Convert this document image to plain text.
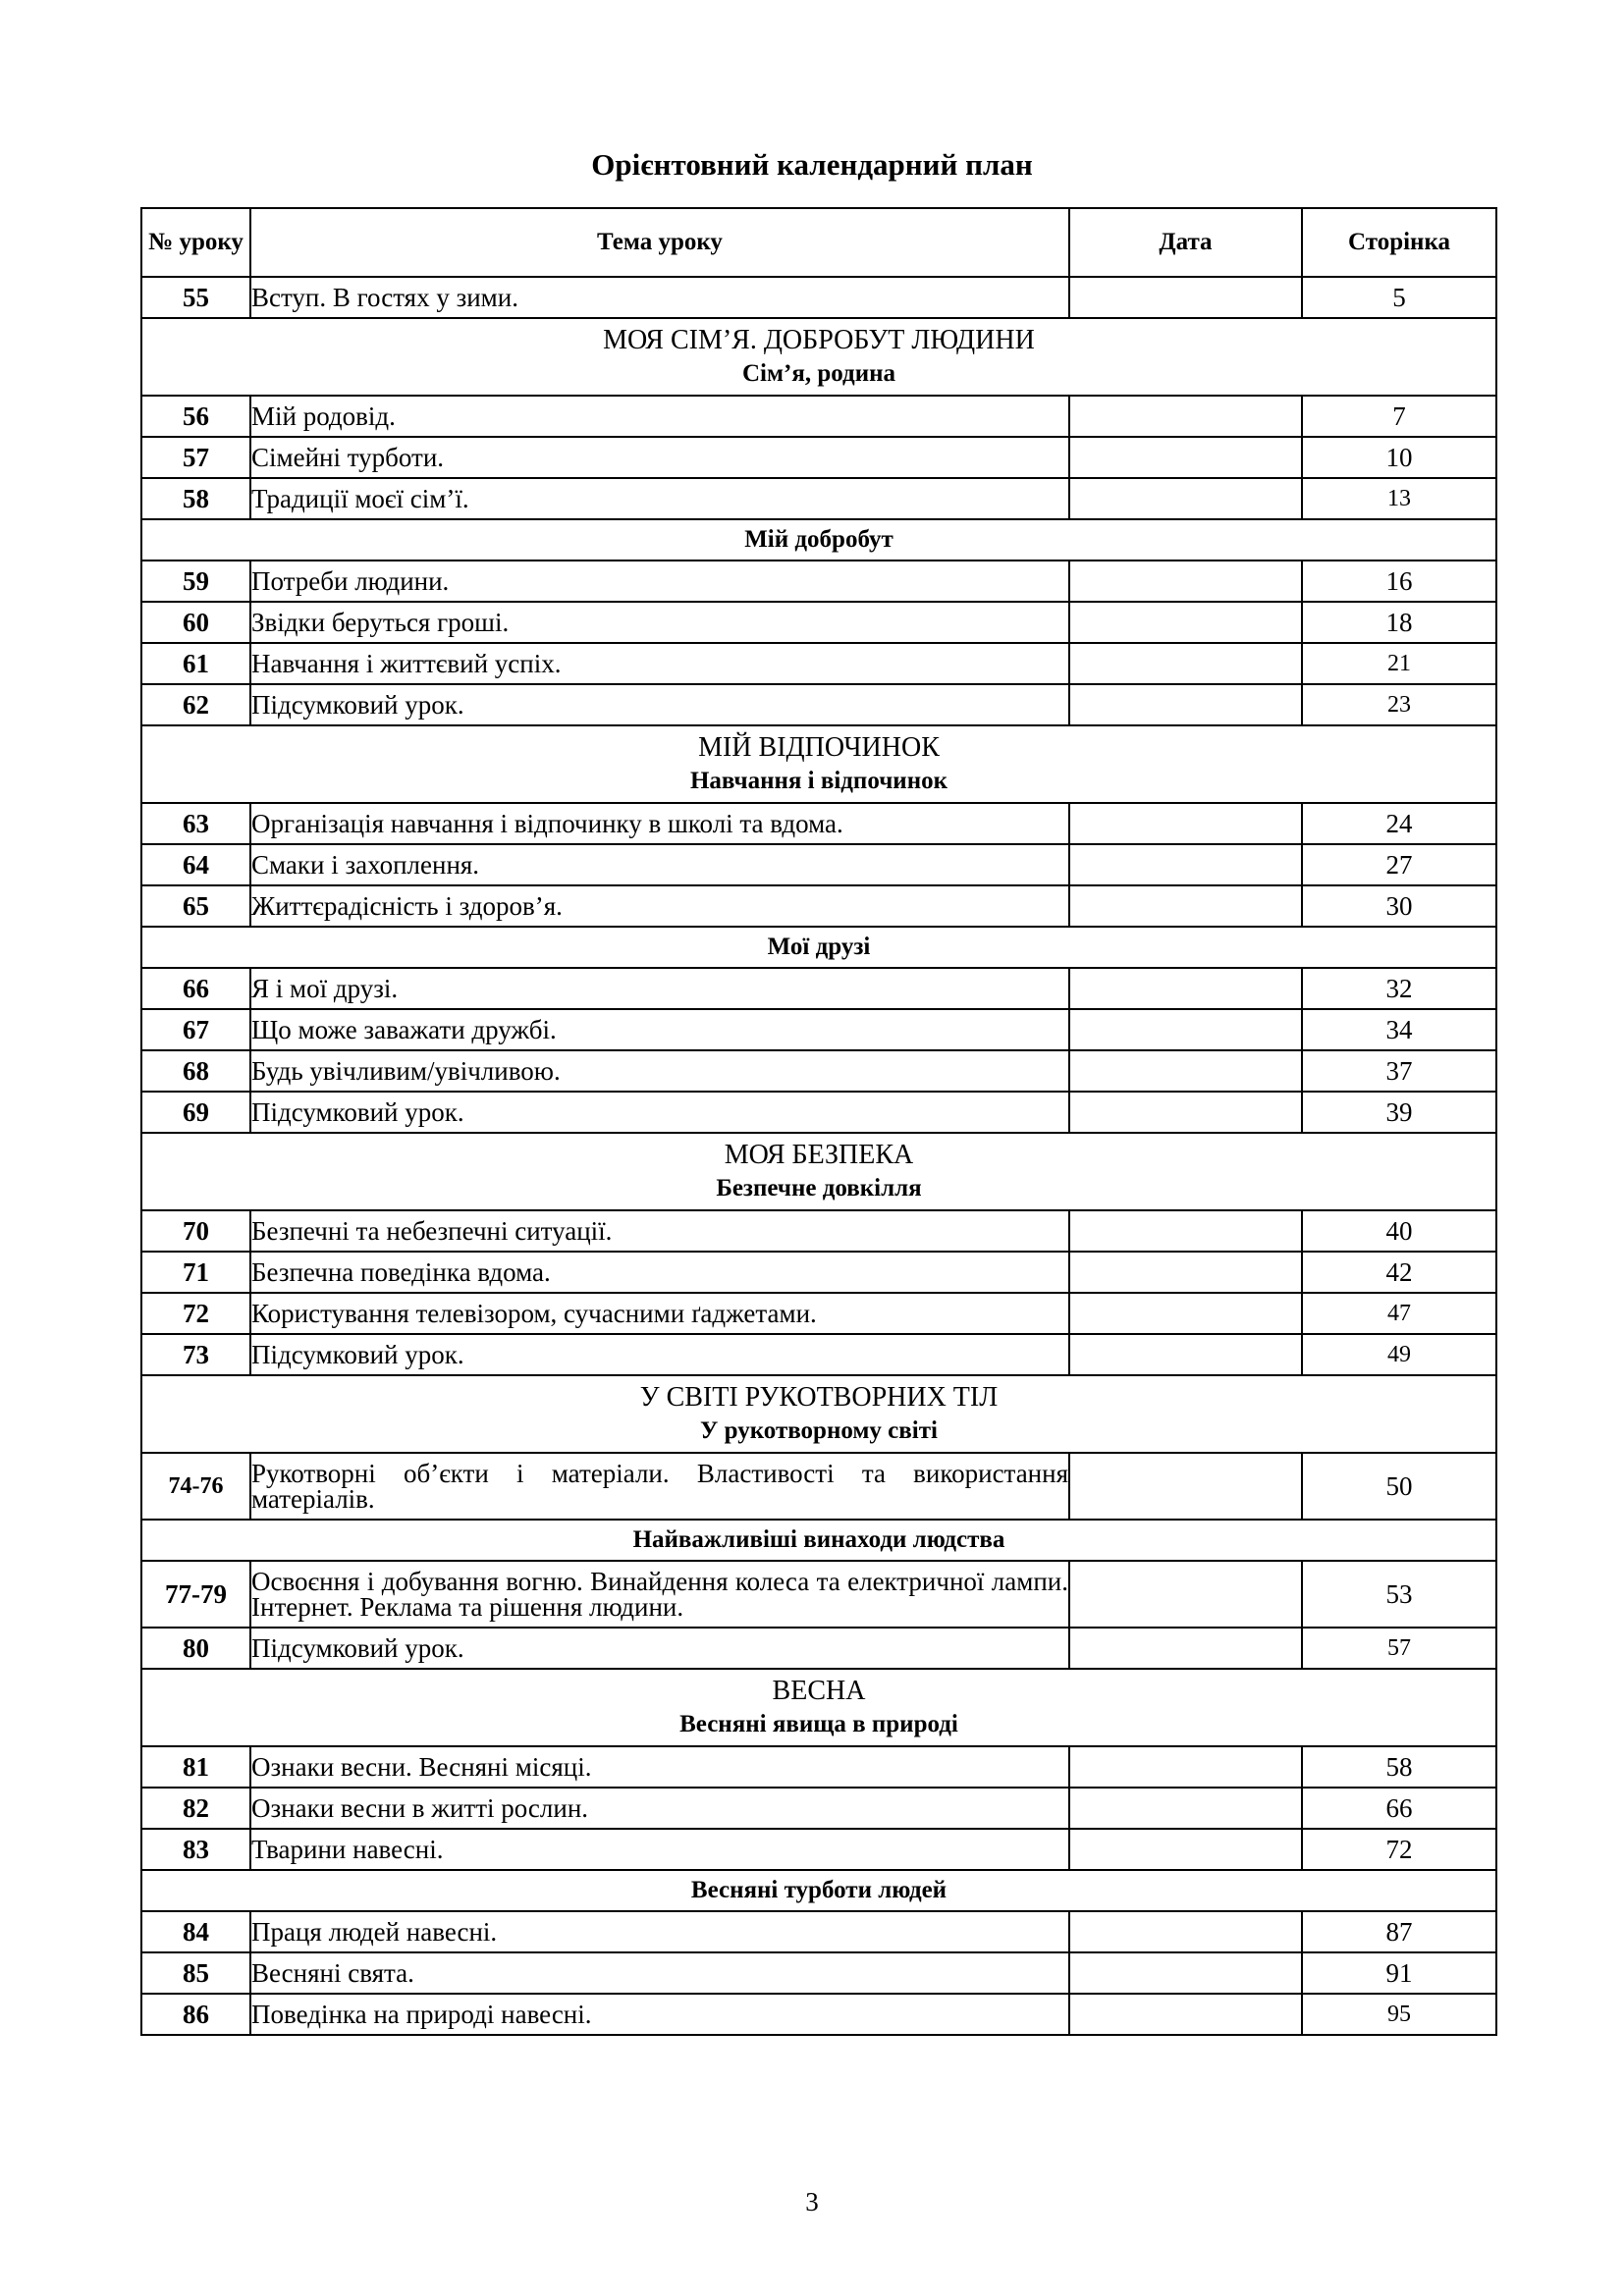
Орієнтовний календарний план
№ уроку	Тема уроку	Дата	Сторінка
55	Вступ. В гостях у зими.		5

МОЯ СІМ’Я. ДОБРОБУТ ЛЮДИНИ
Сім’я, родина			

56	Мій родовід.		7
57	Сімейні турботи.		10
58	Традиції моєї сім’ї.		13
Мій добробут			
59	Потреби людини.		16
60	Звідки беруться гроші.		18
61	Навчання і життєвий успіх.		21
62	Підсумковий урок.		23

МІЙ ВІДПОЧИНОК
Навчання і відпочинок			

63	Організація навчання і відпочинку в школі та вдома.		24
64	Смаки і захоплення.		27
65	Життєрадісність і здоров’я.		30
Мої друзі			
66	Я і мої друзі.		32
67	Що може заважати дружбі.		34
68	Будь увічливим/увічливою.		37
69	Підсумковий урок.		39

МОЯ БЕЗПЕКА
Безпечне довкілля			

70	Безпечні та небезпечні ситуації.		40
71	Безпечна поведінка вдома.		42
72	Користування телевізором, сучасними ґаджетами.		47
73	Підсумковий урок.		49

У СВІТІ РУКОТВОРНИХ ТІЛ
У рукотворному світі			

74-76	Рукотворні об’єкти і матеріали. Властивості та використання матеріалів.		50
Найважливіші винаходи людства			
77-79	Освоєння і добування вогню. Винайдення колеса та електричної лампи. Інтернет. Реклама та рішення людини.		53
80	Підсумковий урок.		57

ВЕСНА
Весняні явища в природі			

81	Ознаки весни. Весняні місяці.		58
82	Ознаки весни в житті рослин.		66
83	Тварини навесні.		72
Весняні турботи людей			
84	Праця людей навесні.		87
85	Весняні свята.		91
86	Поведінка на природі навесні.		95
3
